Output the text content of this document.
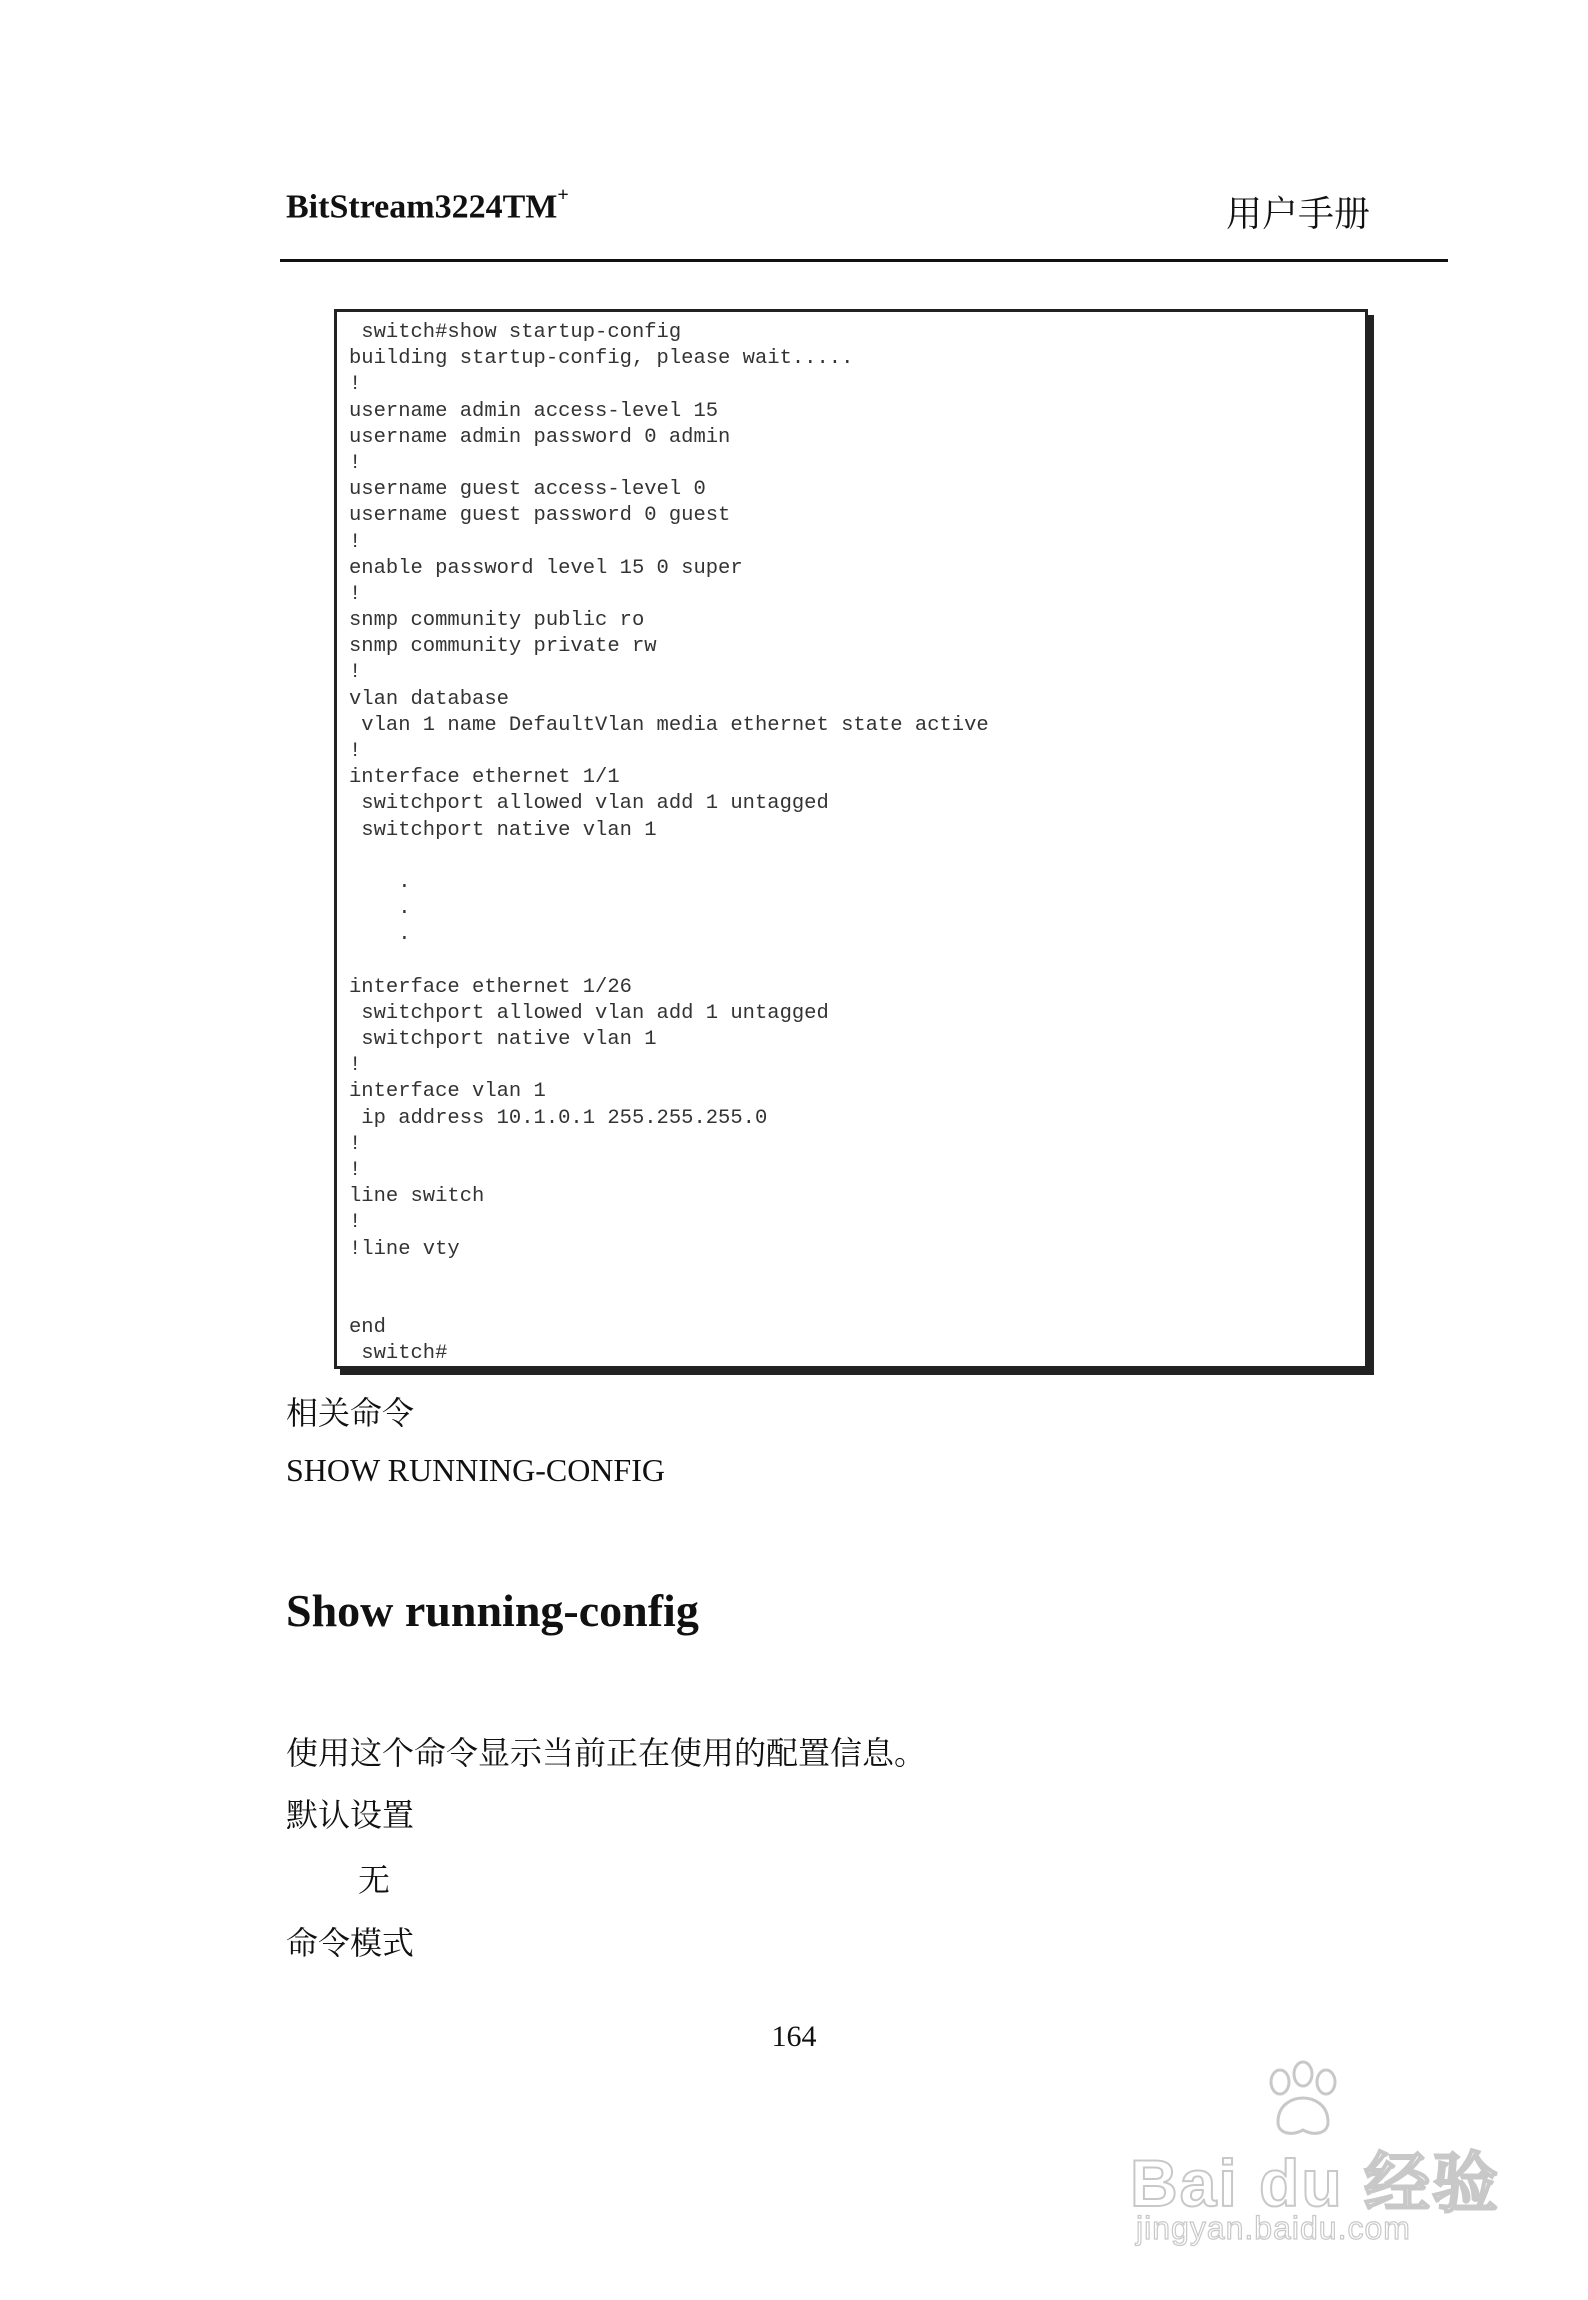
BitStream3224TM+	用户手册
switch#show startup-config
building startup-config, please wait.....
!
username admin access-level 15
username admin password 0 admin
!
username guest access-level 0
username guest password 0 guest
!
enable password level 15 0 super
!
snmp community public ro
snmp community private rw
!
vlan database
vlan 1 name DefaultVlan media ethernet state active
!
interface ethernet 1/1
switchport allowed vlan add 1 untagged
switchport native vlan 1
.
.
.
interface ethernet 1/26
switchport allowed vlan add 1 untagged
switchport native vlan 1
!
interface vlan 1
ip address 10.1.0.1 255.255.255.0
!
!
line switch
!
!line vty
end
switch#
相关命令
SHOW RUNNING-CONFIG
Show running-config
使用这个命令显示当前正在使用的配置信息。
默认设置
无
命令模式
164
Bai du 经验
jingyan.baidu.com
